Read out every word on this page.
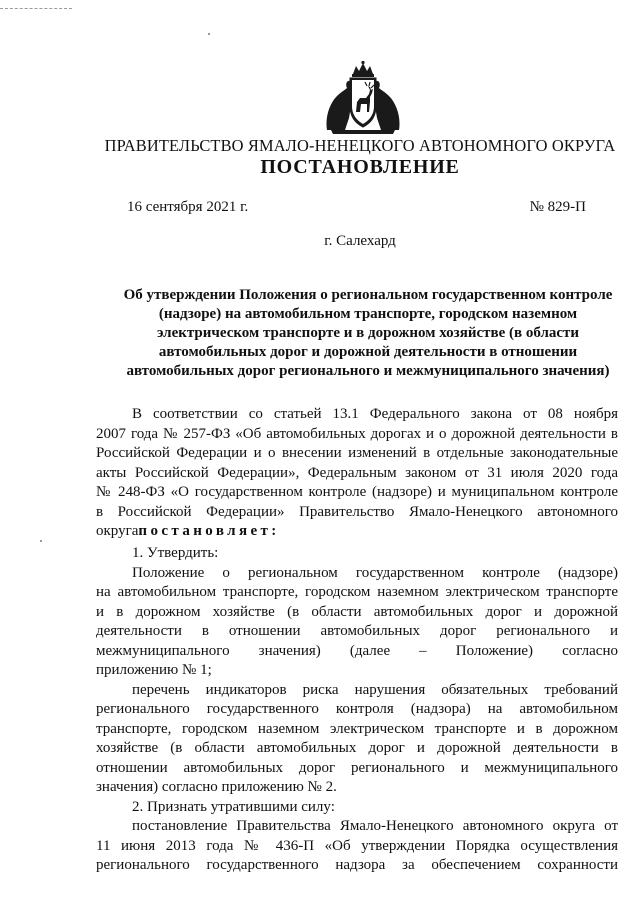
ПРАВИТЕЛЬСТВО ЯМАЛО-НЕНЕЦКОГО АВТОНОМНОГО ОКРУГА
ПОСТАНОВЛЕНИЕ
16 сентября 2021 г.	№ 829-П
г. Салехард
Об утверждении Положения о региональном государственном контроле
(надзоре) на автомобильном транспорте, городском наземном
электрическом транспорте и в дорожном хозяйстве (в области
автомобильных дорог и дорожной деятельности в отношении
автомобильных дорог регионального и межмуниципального значения)
В соответствии со статьей 13.1 Федерального закона от 08 ноября
2007 года № 257-ФЗ «Об автомобильных дорогах и о дорожной деятельности в
Российской Федерации и о внесении изменений в отдельные законодательные
акты Российской Федерации», Федеральным законом от 31 июля 2020 года
№ 248-ФЗ «О государственном контроле (надзоре) и муниципальном контроле
в Российской Федерации» Правительство Ямало-Ненецкого автономного
округапостановляет:
1. Утвердить:
Положение о региональном государственном контроле (надзоре)
на автомобильном транспорте, городском наземном электрическом транспорте
и в дорожном хозяйстве (в области автомобильных дорог и дорожной
деятельности в отношении автомобильных дорог регионального и
межмуниципального значения) (далее – Положение) согласно
приложению № 1;
перечень индикаторов риска нарушения обязательных требований
регионального государственного контроля (надзора) на автомобильном
транспорте, городском наземном электрическом транспорте и в дорожном
хозяйстве (в области автомобильных дорог и дорожной деятельности в
отношении автомобильных дорог регионального и межмуниципального
значения) согласно приложению № 2.
2. Признать утратившими силу:
постановление Правительства Ямало-Ненецкого автономного округа от
11 июня 2013 года № 436-П «Об утверждении Порядка осуществления
регионального государственного надзора за обеспечением сохранности
